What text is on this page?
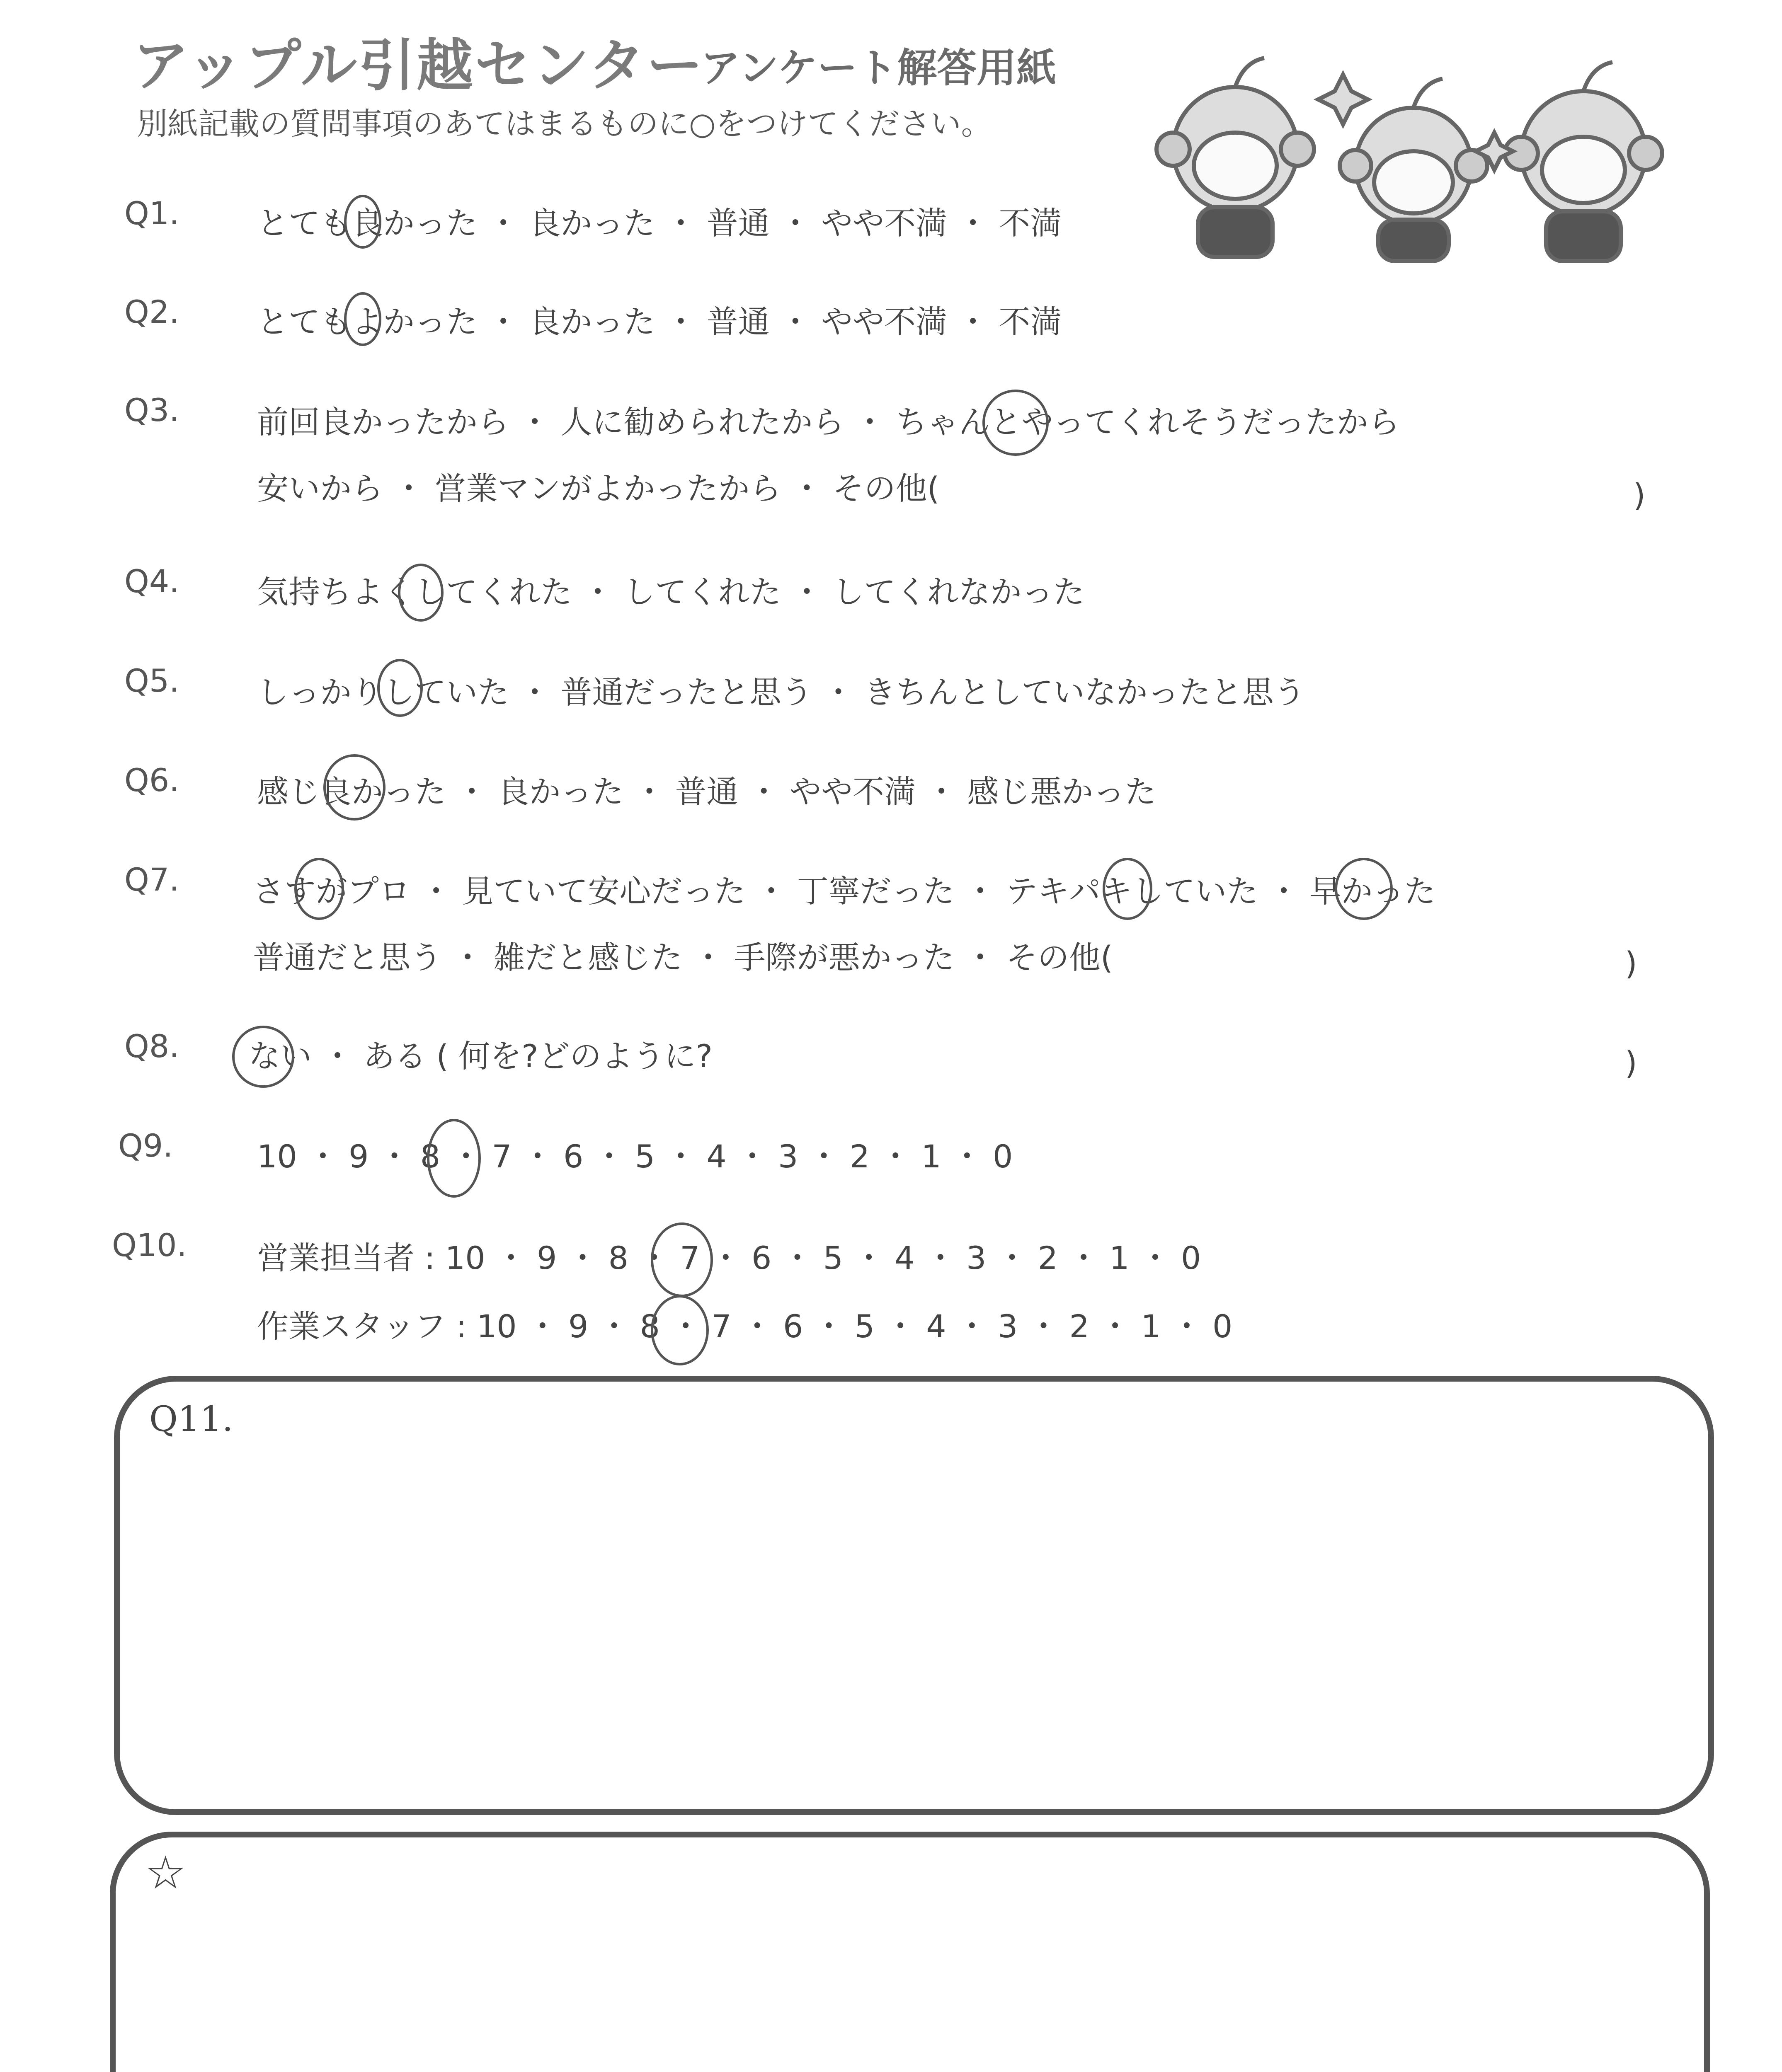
アップル引越センター
アンケート解答用紙
別紙記載の質問事項のあてはまるものに○をつけてください。
Q1. とても良かった ・ 良かった ・ 普通 ・ やや不満 ・ 不満
Q2. とてもよかった ・ 良かった ・ 普通 ・ やや不満 ・ 不満
Q3. 前回良かったから ・ 人に勧められたから ・ ちゃんとやってくれそうだったから
安いから ・ 営業マンがよかったから ・ その他(	)
Q4. 気持ちよくしてくれた ・ してくれた ・ してくれなかった
Q5. しっかりしていた ・ 普通だったと思う ・ きちんとしていなかったと思う
Q6. 感じ良かった ・ 良かった ・ 普通 ・ やや不満 ・ 感じ悪かった
Q7. さすがプロ ・ 見ていて安心だった ・ 丁寧だった ・ テキパキしていた ・ 早かった
普通だと思う ・ 雑だと感じた ・ 手際が悪かった ・ その他(	)
Q8. ない ・ ある ( 何を?どのように?	)
Q9.	10 ・ 9 ・ 8 ・ 7 ・ 6 ・ 5 ・ 4 ・ 3 ・ 2 ・ 1 ・ 0
Q10. 営業担当者 : 10 ・ 9 ・ 8 ・ 7 ・ 6 ・ 5 ・ 4 ・ 3 ・ 2 ・ 1 ・ 0
作業スタッフ : 10 ・ 9 ・ 8 ・ 7 ・ 6 ・ 5 ・ 4 ・ 3 ・ 2 ・ 1 ・ 0
Q11.
☆
